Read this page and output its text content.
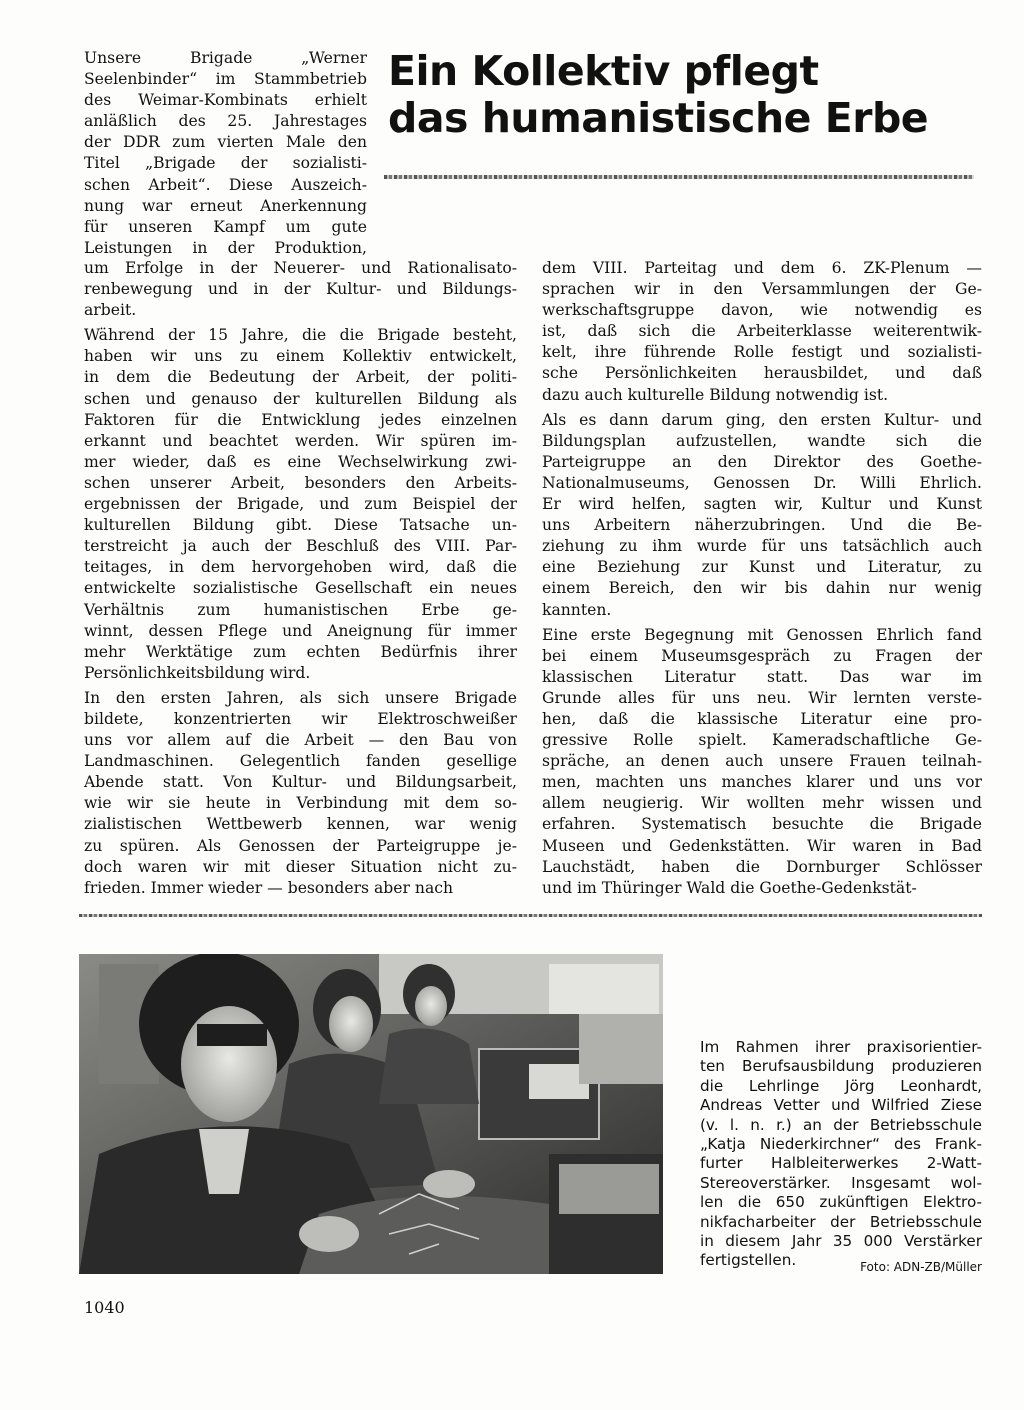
Ein Kollektiv pflegt
das humanistische Erbe
Unsere Brigade „Werner Seelenbinder“ im Stammbetrieb
des Weimar-Kombinats erhielt
anläßlich des 25. Jahrestages
der DDR zum vierten Male den
Titel „Brigade der sozialisti-
schen Arbeit“. Diese Auszeich-
nung war erneut Anerkennung
für unseren Kampf um gute
Leistungen in der Produktion,

um Erfolge in der Neuerer- und Rationalisato-
renbewegung und in der Kultur- und Bildungs-
arbeit.

Während der 15 Jahre, die die Brigade besteht,
haben wir uns zu einem Kollektiv entwickelt,
in dem die Bedeutung der Arbeit, der politi-
schen und genauso der kulturellen Bildung als
Faktoren für die Entwicklung jedes einzelnen
erkannt und beachtet werden. Wir spüren im-
mer wieder, daß es eine Wechselwirkung zwi-
schen unserer Arbeit, besonders den Arbeits-
ergebnissen der Brigade, und zum Beispiel der
kulturellen Bildung gibt. Diese Tatsache un-
terstreicht ja auch der Beschluß des VIII. Par-
teitages, in dem hervorgehoben wird, daß die
entwickelte sozialistische Gesellschaft ein neues
Verhältnis zum humanistischen Erbe ge-
winnt, dessen Pflege und Aneignung für immer
mehr Werktätige zum echten Bedürfnis ihrer
Persönlichkeitsbildung wird.

In den ersten Jahren, als sich unsere Brigade
bildete, konzentrierten wir Elektroschweißer
uns vor allem auf die Arbeit — den Bau von
Landmaschinen. Gelegentlich fanden gesellige
Abende statt. Von Kultur- und Bildungsarbeit,
wie wir sie heute in Verbindung mit dem so-
zialistischen Wettbewerb kennen, war wenig
zu spüren. Als Genossen der Parteigruppe je-
doch waren wir mit dieser Situation nicht zu-
frieden. Immer wieder — besonders aber nach

dem VIII. Parteitag und dem 6. ZK-Plenum —
sprachen wir in den Versammlungen der Ge-
werkschaftsgruppe davon, wie notwendig es
ist, daß sich die Arbeiterklasse weiterentwik-
kelt, ihre führende Rolle festigt und sozialisti-
sche Persönlichkeiten herausbildet, und daß
dazu auch kulturelle Bildung notwendig ist.

Als es dann darum ging, den ersten Kultur- und
Bildungsplan aufzustellen, wandte sich die
Parteigruppe an den Direktor des Goethe-
Nationalmuseums, Genossen Dr. Willi Ehrlich.
Er wird helfen, sagten wir, Kultur und Kunst
uns Arbeitern näherzubringen. Und die Be-
ziehung zu ihm wurde für uns tatsächlich auch
eine Beziehung zur Kunst und Literatur, zu
einem Bereich, den wir bis dahin nur wenig
kannten.

Eine erste Begegnung mit Genossen Ehrlich fand
bei einem Museumsgespräch zu Fragen der
klassischen Literatur statt. Das war im
Grunde alles für uns neu. Wir lernten verste-
hen, daß die klassische Literatur eine pro-
gressive Rolle spielt. Kameradschaftliche Ge-
spräche, an denen auch unsere Frauen teilnah-
men, machten uns manches klarer und uns vor
allem neugierig. Wir wollten mehr wissen und
erfahren. Systematisch besuchte die Brigade
Museen und Gedenkstätten. Wir waren in Bad
Lauchstädt, haben die Dornburger Schlösser
und im Thüringer Wald die Goethe-Gedenkstät-

Im Rahmen ihrer praxisorientier-
ten Berufsausbildung produzieren
die Lehrlinge Jörg Leonhardt,
Andreas Vetter und Wilfried Ziese
(v. l. n. r.) an der Betriebsschule
„Katja Niederkirchner“ des Frank-
furter Halbleiterwerkes 2-Watt-
Stereoverstärker. Insgesamt wol-
len die 650 zukünftigen Elektro-
nikfacharbeiter der Betriebsschule
in diesem Jahr 35 000 Verstärker
fertigstellen.	Foto: ADN-ZB/Müller
1040
